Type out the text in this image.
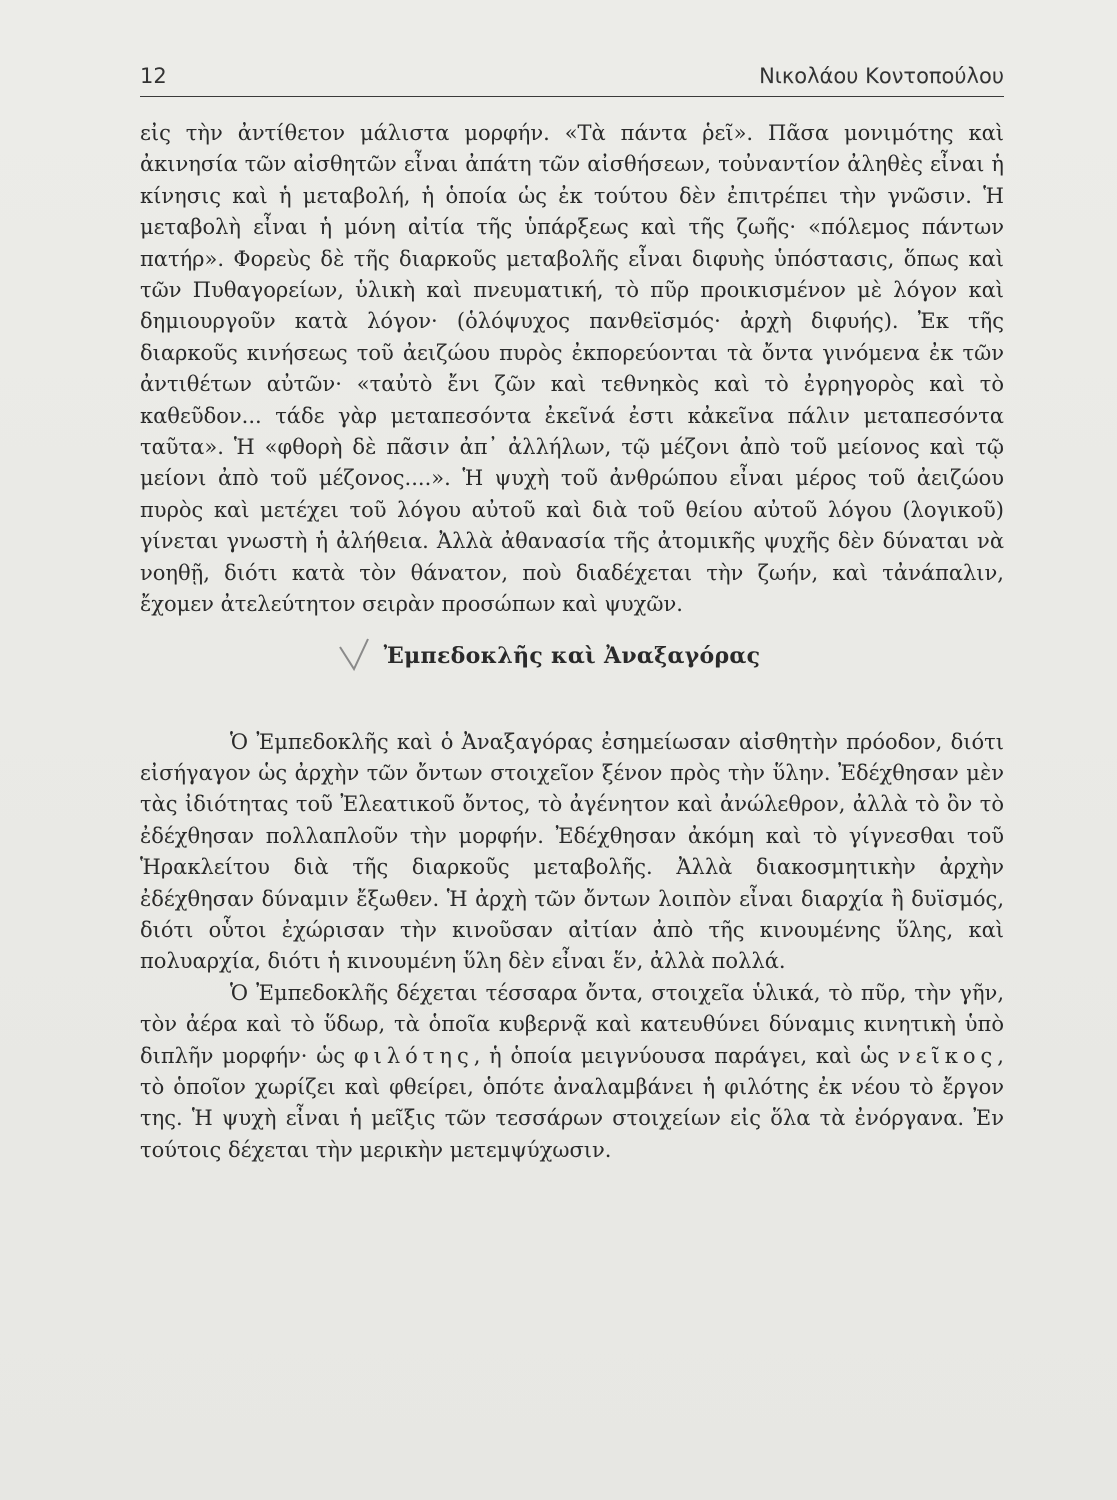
12	Νικολάου Κοντοπούλου

εἰς τὴν ἀντίθετον μάλιστα μορφήν. «Τὰ πάντα ῥεῖ». Πᾶσα μονιμότης καὶ ἀκινησία τῶν αἰσθητῶν εἶναι ἀπάτη τῶν αἰσθήσεων, τοὐναντίον ἀληθὲς εἶναι ἡ κίνησις καὶ ἡ μεταβολή, ἡ ὁποία ὡς ἐκ τούτου δὲν ἐπιτρέπει τὴν γνῶσιν. Ἡ μεταβολὴ εἶναι ἡ μόνη αἰτία τῆς ὑπάρξεως καὶ τῆς ζωῆς· «πόλεμος πάντων πατήρ». Φορεὺς δὲ τῆς διαρκοῦς μεταβολῆς εἶναι διφυὴς ὑπόστασις, ὅπως καὶ τῶν Πυθαγορείων, ὑλικὴ καὶ πνευματική, τὸ πῦρ προικισμένον μὲ λόγον καὶ δημιουργοῦν κατὰ λόγον· (ὁλόψυχος πανθεϊσμός· ἀρχὴ διφυής). Ἐκ τῆς διαρκοῦς κινήσεως τοῦ ἀειζώου πυρὸς ἐκπορεύονται τὰ ὄντα γινόμενα ἐκ τῶν ἀντιθέτων αὐτῶν· «ταὐτὸ ἔνι ζῶν καὶ τεθνηκὸς καὶ τὸ ἐγρηγορὸς καὶ τὸ καθεῦδον... τάδε γὰρ μεταπεσόντα ἐκεῖνά ἐστι κἀκεῖνα πάλιν μεταπεσόντα ταῦτα». Ἡ «φθορὴ δὲ πᾶσιν ἀπ᾽ ἀλλήλων, τῷ μέζονι ἀπὸ τοῦ μείονος καὶ τῷ μείονι ἀπὸ τοῦ μέζονος....». Ἡ ψυχὴ τοῦ ἀνθρώπου εἶναι μέρος τοῦ ἀειζώου πυρὸς καὶ μετέχει τοῦ λόγου αὐτοῦ καὶ διὰ τοῦ θείου αὐτοῦ λόγου (λογικοῦ) γίνεται γνωστὴ ἡ ἀλήθεια. Ἀλλὰ ἀθανασία τῆς ἀτομικῆς ψυχῆς δὲν δύναται νὰ νοηθῇ, διότι κατὰ τὸν θάνατον, ποὺ διαδέχεται τὴν ζωήν, καὶ τἀνάπαλιν, ἔχομεν ἀτελεύτητον σειρὰν προσώπων καὶ ψυχῶν.

Ἐμπεδοκλῆς καὶ Ἀναξαγόρας

Ὁ Ἐμπεδοκλῆς καὶ ὁ Ἀναξαγόρας ἐσημείωσαν αἰσθητὴν πρόοδον, διότι εἰσήγαγον ὡς ἀρχὴν τῶν ὄντων στοιχεῖον ξένον πρὸς τὴν ὕλην. Ἐδέχθησαν μὲν τὰς ἰδιότητας τοῦ Ἐλεατικοῦ ὄντος, τὸ ἀγένητον καὶ ἀνώλεθρον, ἀλλὰ τὸ ὂν τὸ ἐδέχθησαν πολλαπλοῦν τὴν μορφήν. Ἐδέχθησαν ἀκόμη καὶ τὸ γίγνεσθαι τοῦ Ἡρακλείτου διὰ τῆς διαρκοῦς μεταβολῆς. Ἀλλὰ διακοσμητικὴν ἀρχὴν ἐδέχθησαν δύναμιν ἔξωθεν. Ἡ ἀρχὴ τῶν ὄντων λοιπὸν εἶναι διαρχία ἢ δυϊσμός, διότι οὗτοι ἐχώρισαν τὴν κινοῦσαν αἰτίαν ἀπὸ τῆς κινουμένης ὕλης, καὶ πολυαρχία, διότι ἡ κινουμένη ὕλη δὲν εἶναι ἕν, ἀλλὰ πολλά.

Ὁ Ἐμπεδοκλῆς δέχεται τέσσαρα ὄντα, στοιχεῖα ὑλικά, τὸ πῦρ, τὴν γῆν, τὸν ἀέρα καὶ τὸ ὕδωρ, τὰ ὁποῖα κυβερνᾷ καὶ κατευθύνει δύναμις κινητικὴ ὑπὸ διπλῆν μορφήν· ὡς φιλότης, ἡ ὁποία μειγνύουσα παράγει, καὶ ὡς νεῖκος, τὸ ὁποῖον χωρίζει καὶ φθείρει, ὁπότε ἀναλαμβάνει ἡ φιλότης ἐκ νέου τὸ ἔργον της. Ἡ ψυχὴ εἶναι ἡ μεῖξις τῶν τεσσάρων στοιχείων εἰς ὅλα τὰ ἐνόργανα. Ἐν τούτοις δέχεται τὴν μερικὴν μετεμψύχωσιν.
